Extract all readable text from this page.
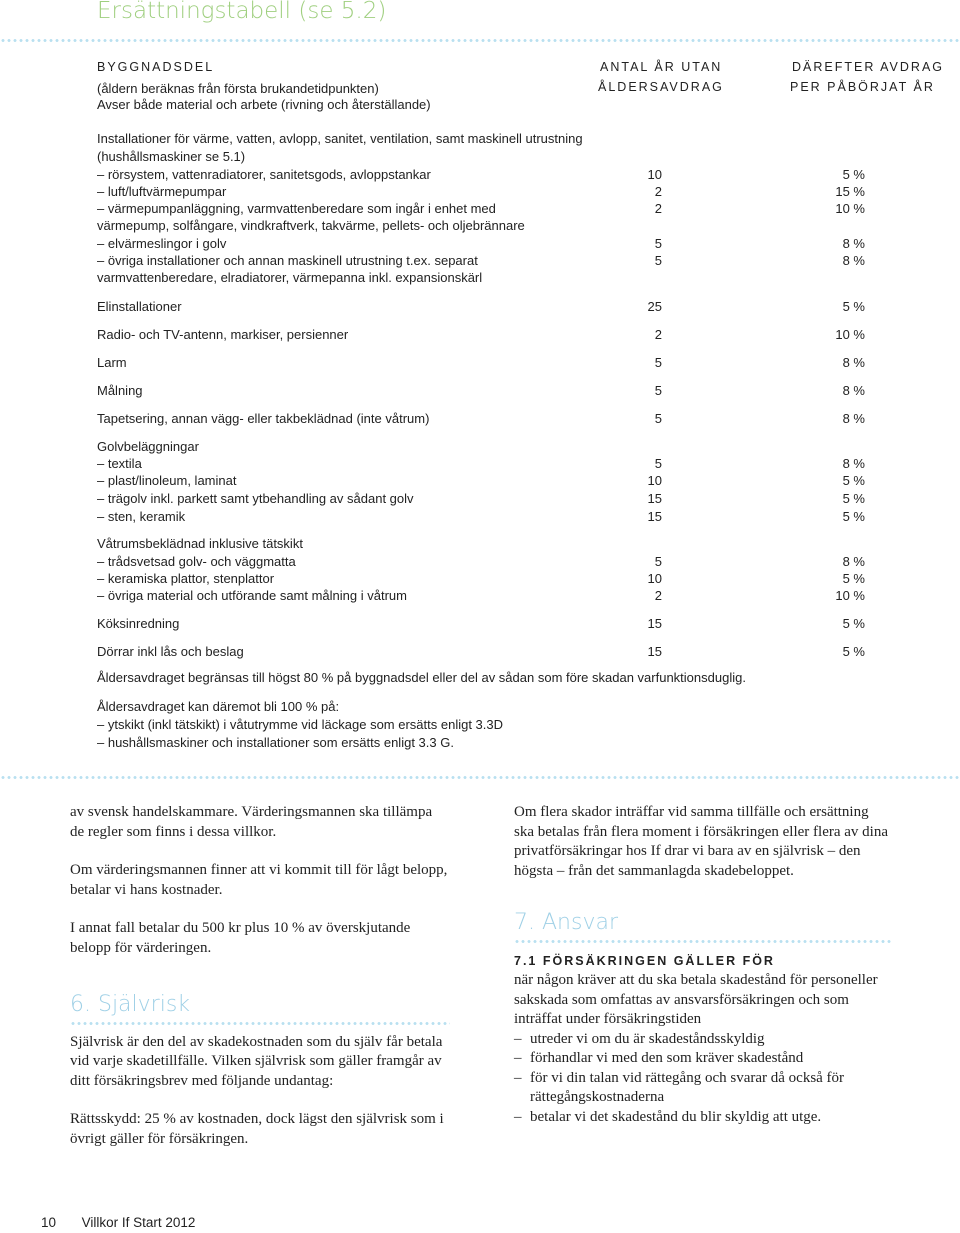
Ersättningstabell (se 5.2)
BYGGNADSDEL	ANTAL ÅR UTAN	DÄREFTER AVDRAG
(åldern beräknas från första brukandetidpunkten)	ÅLDERSAVDRAG	PER PÅBÖRJAT ÅR
Avser både material och arbete (rivning och återställande)
Installationer för värme, vatten, avlopp, sanitet, ventilation, samt maskinell utrustning
(hushållsmaskiner se 5.1)
– rörsystem, vattenradiatorer, sanitetsgods, avloppstankar	10	5 %
– luft/luftvärmepumpar	2	15 %
– värmepumpanläggning, varmvattenberedare som ingår i enhet med	2	10 %
värmepump, solfångare, vindkraftverk, takvärme, pellets- och oljebrännare
– elvärmeslingor i golv	5	8 %
– övriga installationer och annan maskinell utrustning t.ex. separat	5	8 %
varmvattenberedare, elradiatorer, värmepanna inkl. expansionskärl
Elinstallationer	25	5 %
Radio- och TV-antenn, markiser, persienner	2	10 %
Larm	5	8 %
Målning	5	8 %
Tapetsering, annan vägg- eller takbeklädnad (inte våtrum)	5	8 %
Golvbeläggningar
– textila	5	8 %
– plast/linoleum, laminat	10	5 %
– trägolv inkl. parkett samt ytbehandling av sådant golv	15	5 %
– sten, keramik	15	5 %
Våtrumsbeklädnad inklusive tätskikt
– trådsvetsad golv- och väggmatta	5	8 %
– keramiska plattor, stenplattor	10	5 %
– övriga material och utförande samt målning i våtrum	2	10 %
Köksinredning	15	5 %
Dörrar inkl lås och beslag	15	5 %
Åldersavdraget begränsas till högst 80 % på byggnadsdel eller del av sådan som före skadan varfunktionsduglig.
Åldersavdraget kan däremot bli 100 % på:
– ytskikt (inkl tätskikt) i våtutrymme vid läckage som ersätts enligt 3.3D
– hushållsmaskiner och installationer som ersätts enligt 3.3 G.

av svensk handelskammare. Värderingsmannen ska tillämpa de regler som finns i dessa villkor.

Om värderingsmannen finner att vi kommit till för lågt belopp, betalar vi hans kostnader.

I annat fall betalar du 500 kr plus 10 % av överskjutande belopp för värderingen.

6. Självrisk

Självrisk är den del av skadekostnaden som du själv får betala vid varje skadetillfälle. Vilken självrisk som gäller framgår av ditt försäkringsbrev med följande undantag:

Rättsskydd: 25 % av kostnaden, dock lägst den självrisk som i övrigt gäller för försäkringen.

Om flera skador inträffar vid samma tillfälle och ersättning ska betalas från flera moment i försäkringen eller flera av dina privatförsäkringar hos If drar vi bara av en självrisk – den högsta – från det sammanlagda skadebeloppet.

7. Ansvar
7.1 FÖRSÄKRINGEN GÄLLER FÖR

när någon kräver att du ska betala skadestånd för personeller sakskada som omfattas av ansvarsförsäkringen och som inträffat under försäkringstiden

– utreder vi om du är skadeståndsskyldig
– förhandlar vi med den som kräver skadestånd
– för vi din talan vid rättegång och svarar då också för rättegångskostnaderna
– betalar vi det skadestånd du blir skyldig att utge.
10 Villkor If Start 2012
